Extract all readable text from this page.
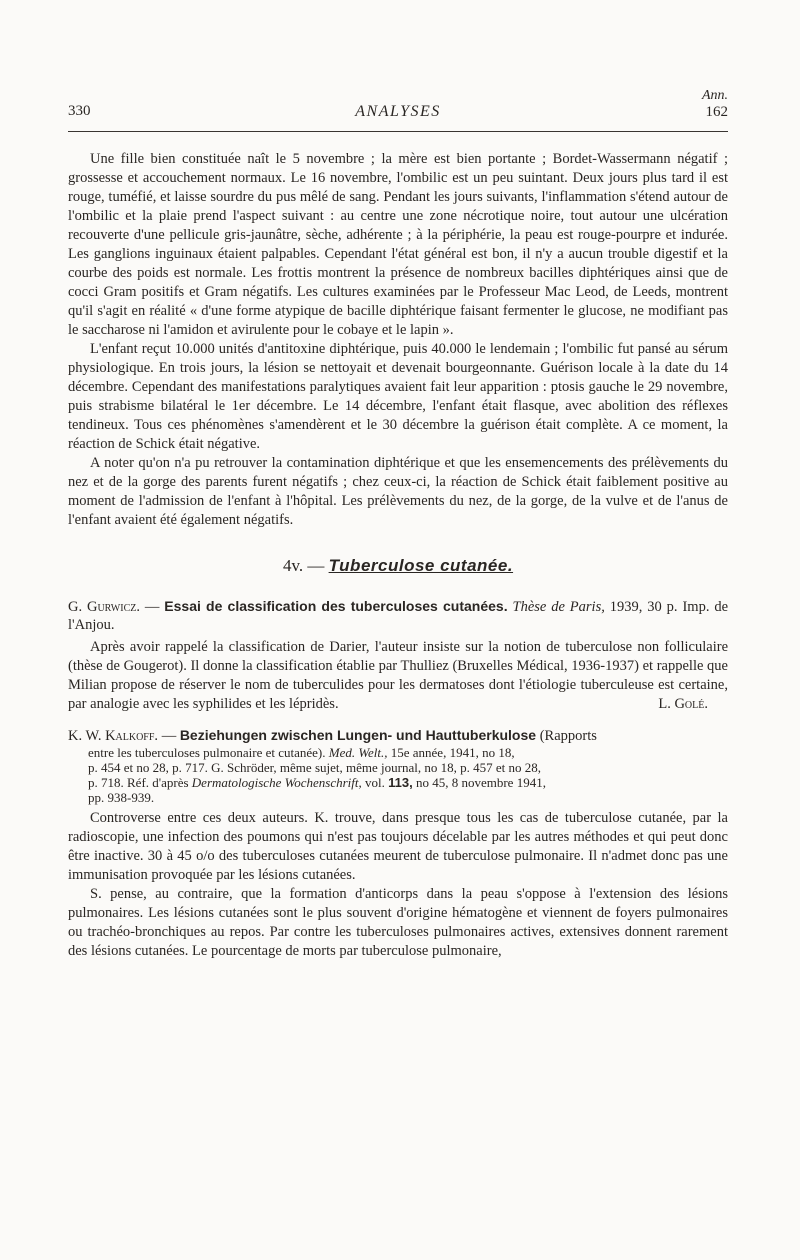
330	ANALYSES
Ann.
162

Une fille bien constituée naît le 5 novembre ; la mère est bien portante ; Bordet-Wassermann négatif ; grossesse et accouchement normaux. Le 16 novembre, l'ombilic est un peu suintant. Deux jours plus tard il est rouge, tuméfié, et laisse sourdre du pus mêlé de sang. Pendant les jours suivants, l'inflammation s'étend autour de l'ombilic et la plaie prend l'aspect suivant : au centre une zone nécrotique noire, tout autour une ulcération recouverte d'une pellicule gris-jaunâtre, sèche, adhérente ; à la périphérie, la peau est rouge-pourpre et indurée. Les ganglions inguinaux étaient palpables. Cependant l'état général est bon, il n'y a aucun trouble digestif et la courbe des poids est normale. Les frottis montrent la présence de nombreux bacilles diphtériques ainsi que de cocci Gram positifs et Gram négatifs. Les cultures examinées par le Professeur Mac Leod, de Leeds, montrent qu'il s'agit en réalité « d'une forme atypique de bacille diphtérique faisant fermenter le glucose, ne modifiant pas le saccharose ni l'amidon et avirulente pour le cobaye et le lapin ».

L'enfant reçut 10.000 unités d'antitoxine diphtérique, puis 40.000 le lendemain ; l'ombilic fut pansé au sérum physiologique. En trois jours, la lésion se nettoyait et devenait bourgeonnante. Guérison locale à la date du 14 décembre. Cependant des manifestations paralytiques avaient fait leur apparition : ptosis gauche le 29 novembre, puis strabisme bilatéral le 1er décembre. Le 14 décembre, l'enfant était flasque, avec abolition des réflexes tendineux. Tous ces phénomènes s'amendèrent et le 30 décembre la guérison était complète. A ce moment, la réaction de Schick était négative.

A noter qu'on n'a pu retrouver la contamination diphtérique et que les ensemencements des prélèvements du nez et de la gorge des parents furent négatifs ; chez ceux-ci, la réaction de Schick était faiblement positive au moment de l'admission de l'enfant à l'hôpital. Les prélèvements du nez, de la gorge, de la vulve et de l'anus de l'enfant avaient été également négatifs.

4v. — Tuberculose cutanée.

G. Gurwicz. — Essai de classification des tuberculoses cutanées. Thèse de Paris, 1939, 30 p. Imp. de l'Anjou.

Après avoir rappelé la classification de Darier, l'auteur insiste sur la notion de tuberculose non folliculaire (thèse de Gougerot). Il donne la classification établie par Thulliez (Bruxelles Médical, 1936-1937) et rappelle que Milian propose de réserver le nom de tuberculides pour les dermatoses dont l'étiologie tuberculeuse est certaine, par analogie avec les syphilides et les lépridès.	L. Golé.

K. W. Kalkoff. — Beziehungen zwischen Lungen- und Hauttuberkulose (Rapports
entre les tuberculoses pulmonaire et cutanée). Med. Welt., 15e année, 1941, no 18,
p. 454 et no 28, p. 717. G. Schröder, même sujet, même journal, no 18, p. 457 et no 28,
p. 718. Réf. d'après Dermatologische Wochenschrift, vol. 113, no 45, 8 novembre 1941,
pp. 938-939.

Controverse entre ces deux auteurs. K. trouve, dans presque tous les cas de tuberculose cutanée, par la radioscopie, une infection des poumons qui n'est pas toujours décelable par les autres méthodes et qui peut donc être inactive. 30 à 45 o/o des tuberculoses cutanées meurent de tuberculose pulmonaire. Il n'admet donc pas une immunisation provoquée par les lésions cutanées.

S. pense, au contraire, que la formation d'anticorps dans la peau s'oppose à l'extension des lésions pulmonaires. Les lésions cutanées sont le plus souvent d'origine hématogène et viennent de foyers pulmonaires ou trachéo-bronchiques au repos. Par contre les tuberculoses pulmonaires actives, extensives donnent rarement des lésions cutanées. Le pourcentage de morts par tuberculose pulmonaire,
